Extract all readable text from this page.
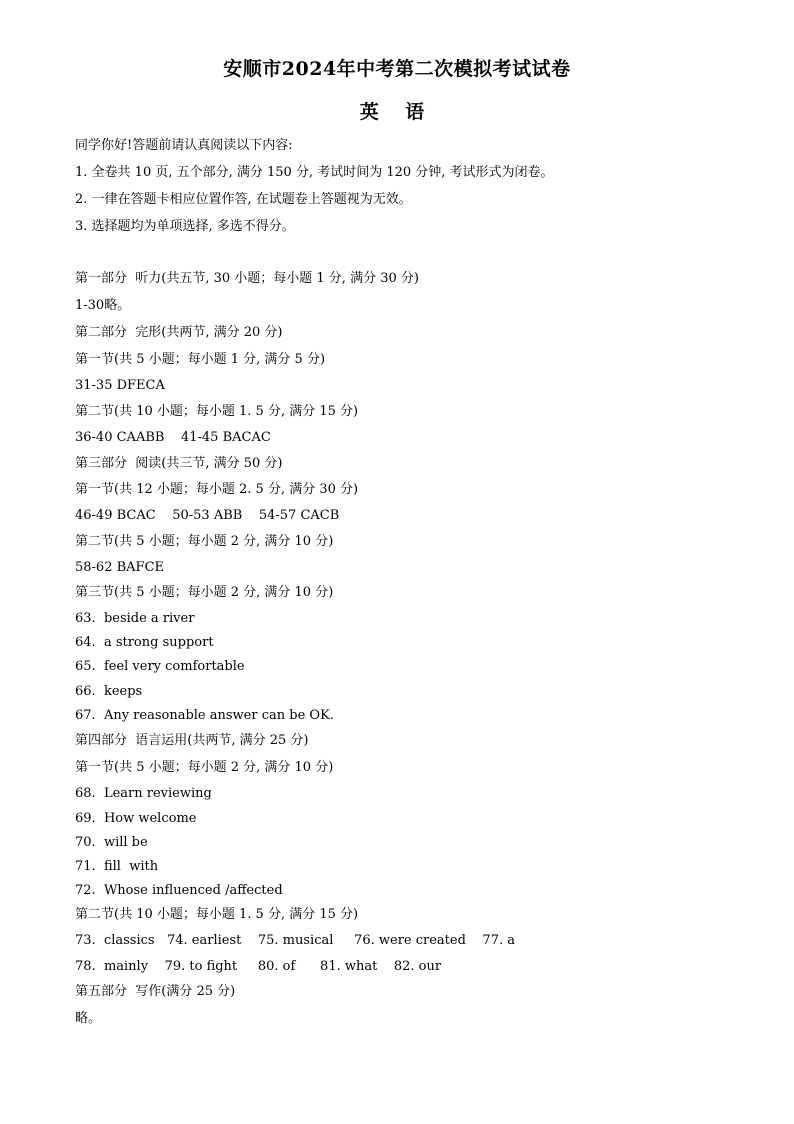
安顺市2024年中考第二次模拟考试试卷
英 语
同学你好!答题前请认真阅读以下内容:
1. 全卷共 10 页, 五个部分, 满分 150 分, 考试时间为 120 分钟, 考试形式为闭卷。
2. 一律在答题卡相应位置作答, 在试题卷上答题视为无效。
3. 选择题均为单项选择, 多选不得分。
第一部分  听力(共五节, 30 小题；每小题 1 分, 满分 30 分)
1-30略。
第二部分  完形(共两节, 满分 20 分)
第一节(共 5 小题；每小题 1 分, 满分 5 分)
31-35 DFECA
第二节(共 10 小题；每小题 1. 5 分, 满分 15 分)
36-40 CAABB    41-45 BACAC
第三部分  阅读(共三节, 满分 50 分)
第一节(共 12 小题；每小题 2. 5 分, 满分 30 分)
46-49 BCAC    50-53 ABB    54-57 CACB
第二节(共 5 小题；每小题 2 分, 满分 10 分)
58-62 BAFCE
第三节(共 5 小题；每小题 2 分, 满分 10 分)
63.  beside a river
64.  a strong support
65.  feel very comfortable
66.  keeps
67.  Any reasonable answer can be OK.
第四部分  语言运用(共两节, 满分 25 分)
第一节(共 5 小题；每小题 2 分, 满分 10 分)
68.  Learn reviewing
69.  How welcome
70.  will be
71.  fill  with
72.  Whose influenced /affected
第二节(共 10 小题；每小题 1. 5 分, 满分 15 分)
73.  classics   74. earliest    75. musical     76. were created    77. a
78.  mainly    79. to fight     80. of      81. what    82. our
第五部分  写作(满分 25 分)
略。
